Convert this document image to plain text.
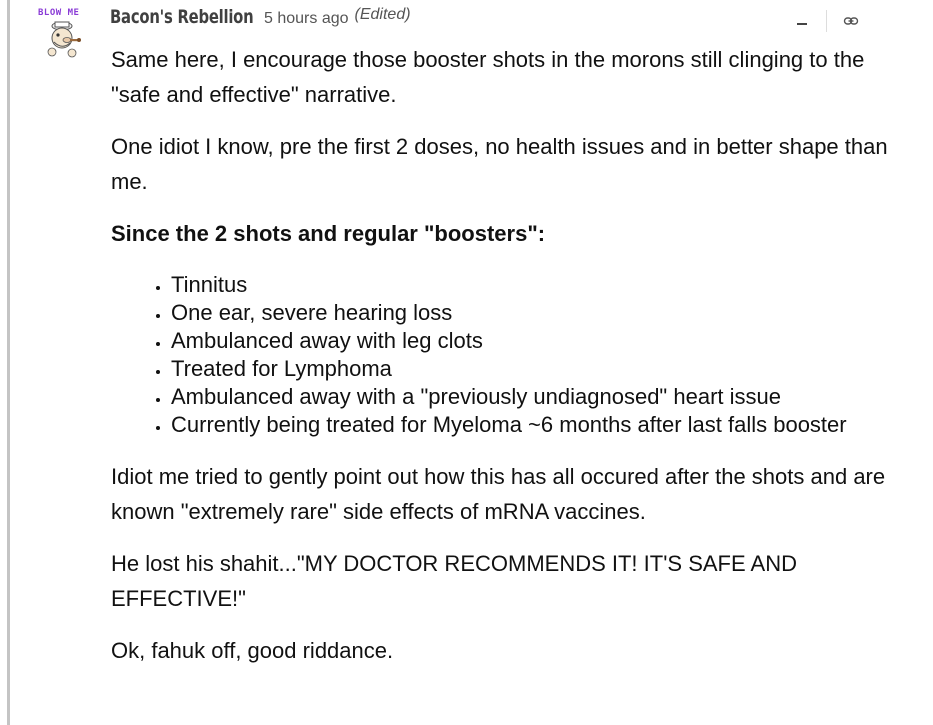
BLOW ME Bacon's Rebellion 5 hours ago (Edited)

Same here, I encourage those booster shots in the morons still clinging to the "safe and effective" narrative.

One idiot I know, pre the first 2 doses, no health issues and in better shape than me.

Since the 2 shots and regular "boosters":

• Tinnitus
• One ear, severe hearing loss
• Ambulanced away with leg clots
• Treated for Lymphoma
• Ambulanced away with a "previously undiagnosed" heart issue
• Currently being treated for Myeloma ~6 months after last falls booster

Idiot me tried to gently point out how this has all occured after the shots and are known "extremely rare" side effects of mRNA vaccines.

He lost his shahit..."MY DOCTOR RECOMMENDS IT! IT'S SAFE AND EFFECTIVE!"

Ok, fahuk off, good riddance.
